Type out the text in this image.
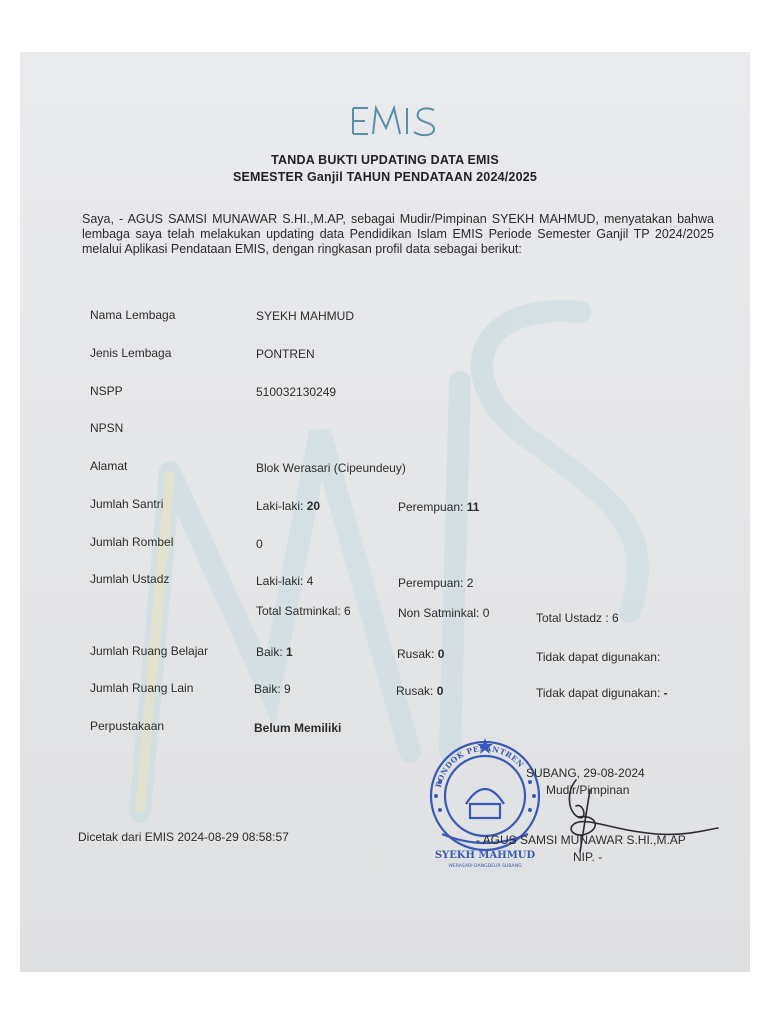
TANDA BUKTI UPDATING DATA EMIS
SEMESTER Ganjil TAHUN PENDATAAN 2024/2025

Saya, - AGUS SAMSI MUNAWAR S.HI.,M.AP, sebagai Mudir/Pimpinan SYEKH MAHMUD, menyatakan bahwa lembaga saya telah melakukan updating data Pendidikan Islam EMIS Periode Semester Ganjil TP 2024/2025 melalui Aplikasi Pendataan EMIS, dengan ringkasan profil data sebagai berikut:

Nama Lembaga	SYEKH MAHMUD
Jenis Lembaga	PONTREN
NSPP	510032130249
NPSN
Alamat	Blok Werasari (Cipeundeuy)
Jumlah Santri	Laki-laki: 20	Perempuan: 11
Jumlah Rombel	0
Jumlah Ustadz	Laki-laki: 4	Perempuan: 2
Total Satminkal: 6	Non Satminkal: 0	Total Ustadz : 6
Jumlah Ruang Belajar	Baik: 1	Rusak: 0	Tidak dapat digunakan:
Jumlah Ruang Lain	Baik: 9	Rusak: 0	Tidak dapat digunakan: -
Perpustakaan	Belum Memiliki
PONDOK PESANTREN
SYEKH MAHMUD
WERASARI DANGDEUR SUBANG
SUBANG, 29-08-2024
Mudir/Pimpinan
- AGUS SAMSI MUNAWAR S.HI.,M.AP
NIP. -
Dicetak dari EMIS 2024-08-29 08:58:57
